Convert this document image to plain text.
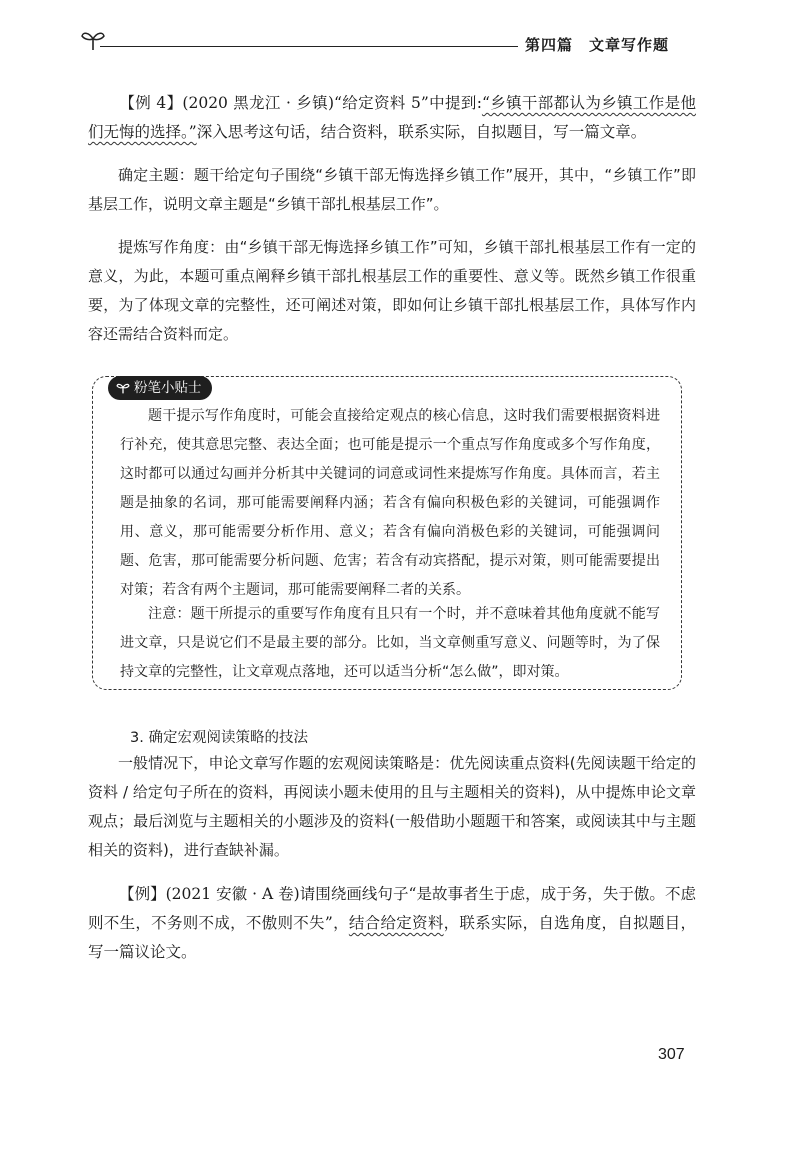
第四篇　文章写作题

【例 4】(2020 黑龙江 · 乡镇)“给定资料 5”中提到:“乡镇干部都认为乡镇工作是他们无悔的选择。”深入思考这句话，结合资料，联系实际，自拟题目，写一篇文章。

确定主题：题干给定句子围绕“乡镇干部无悔选择乡镇工作”展开，其中，“乡镇工作”即基层工作，说明文章主题是“乡镇干部扎根基层工作”。

提炼写作角度：由“乡镇干部无悔选择乡镇工作”可知，乡镇干部扎根基层工作有一定的意义，为此，本题可重点阐释乡镇干部扎根基层工作的重要性、意义等。既然乡镇工作很重要，为了体现文章的完整性，还可阐述对策，即如何让乡镇干部扎根基层工作，具体写作内容还需结合资料而定。

粉笔小贴士

题干提示写作角度时，可能会直接给定观点的核心信息，这时我们需要根据资料进行补充，使其意思完整、表达全面；也可能是提示一个重点写作角度或多个写作角度，这时都可以通过勾画并分析其中关键词的词意或词性来提炼写作角度。具体而言，若主题是抽象的名词，那可能需要阐释内涵；若含有偏向积极色彩的关键词，可能强调作用、意义，那可能需要分析作用、意义；若含有偏向消极色彩的关键词，可能强调问题、危害，那可能需要分析问题、危害；若含有动宾搭配，提示对策，则可能需要提出对策；若含有两个主题词，那可能需要阐释二者的关系。

注意：题干所提示的重要写作角度有且只有一个时，并不意味着其他角度就不能写进文章，只是说它们不是最主要的部分。比如，当文章侧重写意义、问题等时，为了保持文章的完整性，让文章观点落地，还可以适当分析“怎么做”，即对策。

3. 确定宏观阅读策略的技法

一般情况下，申论文章写作题的宏观阅读策略是：优先阅读重点资料(先阅读题干给定的资料 / 给定句子所在的资料，再阅读小题未使用的且与主题相关的资料)，从中提炼申论文章观点；最后浏览与主题相关的小题涉及的资料(一般借助小题题干和答案，或阅读其中与主题相关的资料)，进行查缺补漏。

【例】(2021 安徽 · A 卷)请围绕画线句子“是故事者生于虑，成于务，失于傲。不虑则不生，不务则不成，不傲则不失”，结合给定资料，联系实际，自选角度，自拟题目，写一篇议论文。

307
